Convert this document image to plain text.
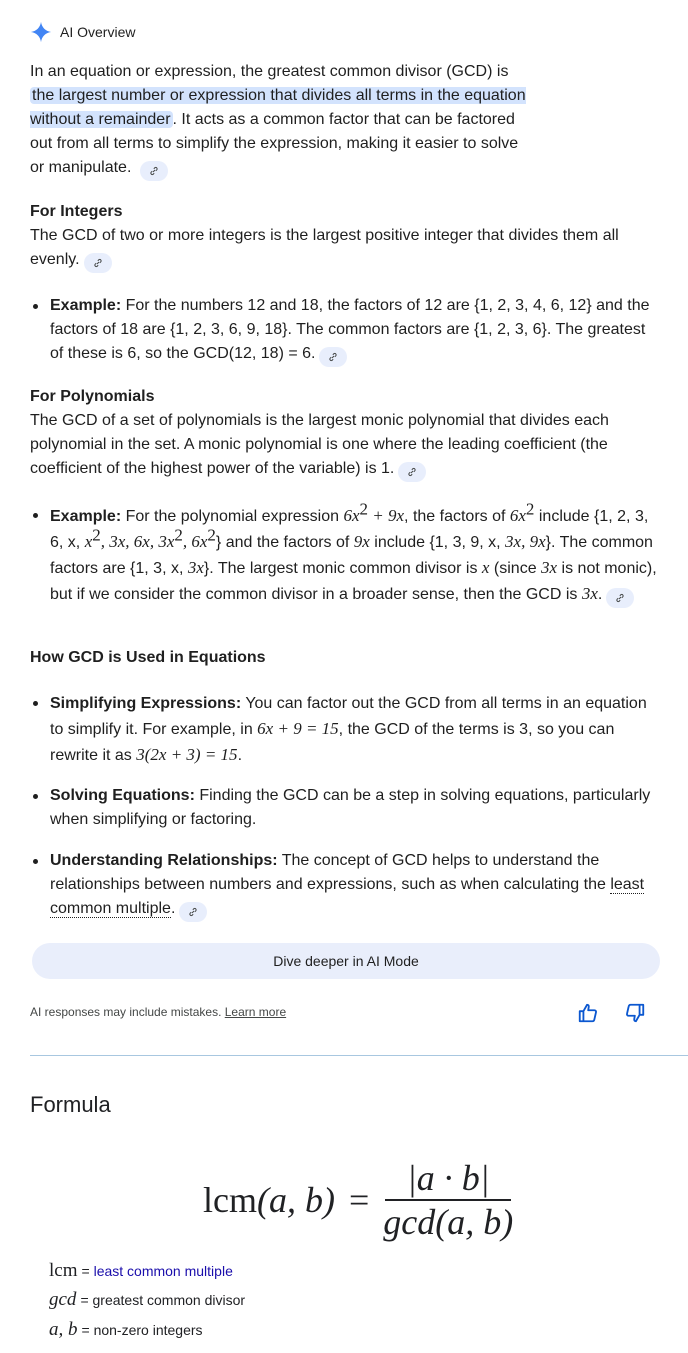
AI Overview
In an equation or expression, the greatest common divisor (GCD) is the largest number or expression that divides all terms in the equation without a remainder . It acts as a common factor that can be factored out from all terms to simplify the expression, making it easier to solve or manipulate.
For Integers
The GCD of two or more integers is the largest positive integer that divides them all evenly.
Example: For the numbers 12 and 18, the factors of 12 are {1, 2, 3, 4, 6, 12} and the factors of 18 are {1, 2, 3, 6, 9, 18}. The common factors are {1, 2, 3, 6}. The greatest of these is 6, so the GCD(12, 18) = 6.
For Polynomials
The GCD of a set of polynomials is the largest monic polynomial that divides each polynomial in the set. A monic polynomial is one where the leading coefficient (the coefficient of the highest power of the variable) is 1.
Example: For the polynomial expression $6x^2 + 9x$, the factors of $6x^2$ include {1, 2, 3, 6, x, $x^2$, 3x, 6x, $3x^2$, $6x^2$} and the factors of 9x include {1, 3, 9, x, 3x, 9x}. The common factors are {1, 3, x, 3x}. The largest monic common divisor is x (since 3x is not monic), but if we consider the common divisor in a broader sense, then the GCD is 3x.
How GCD is Used in Equations
Simplifying Expressions: You can factor out the GCD from all terms in an equation to simplify it. For example, in 6x + 9 = 15, the GCD of the terms is 3, so you can rewrite it as 3(2x + 3) = 15.
Solving Equations: Finding the GCD can be a step in solving equations, particularly when simplifying or factoring.
Understanding Relationships: The concept of GCD helps to understand the relationships between numbers and expressions, such as when calculating the least common multiple.
Dive deeper in AI Mode
AI responses may include mistakes. Learn more
Formula
lcm (a, $b) = \frac{|a \cdot b|}{\gcd(a, b)}$
lcm =
least common multiple
gcd =
greatest common divisor
a, b =
non-zero integers
